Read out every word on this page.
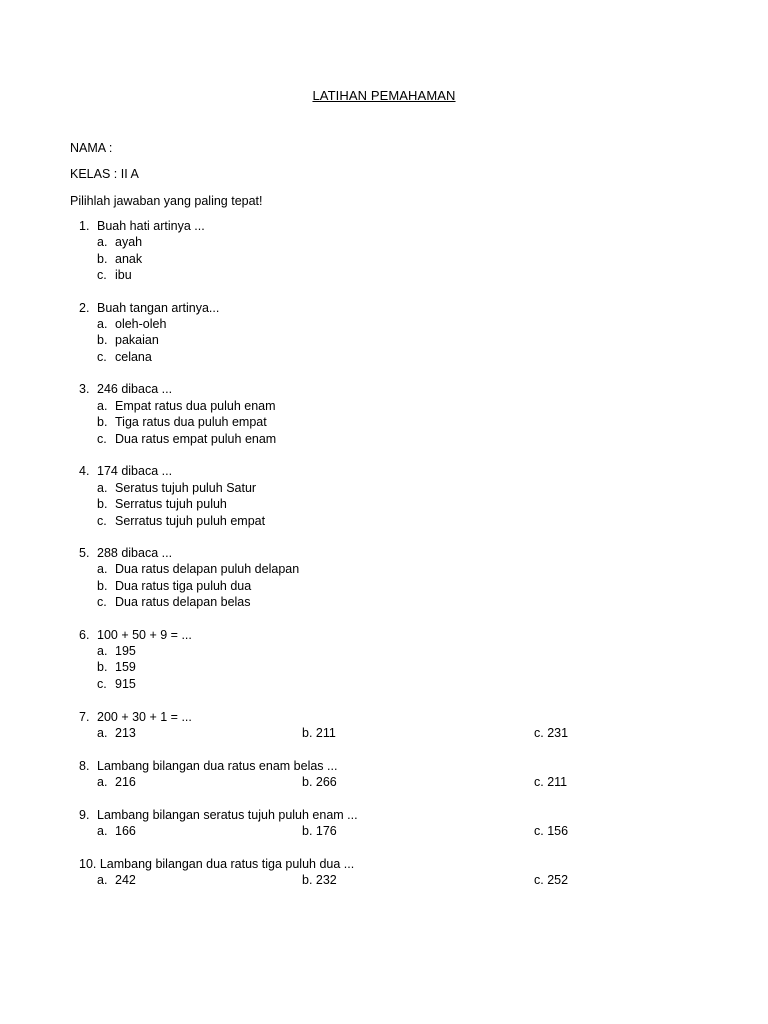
LATIHAN PEMAHAMAN
NAMA :
KELAS : II A
Pilihlah jawaban yang paling tepat!
1. Buah hati artinya ...
a. ayah
b. anak
c. ibu
2. Buah tangan artinya...
a. oleh-oleh
b. pakaian
c. celana
3. 246 dibaca ...
a. Empat ratus dua puluh enam
b. Tiga ratus dua puluh empat
c. Dua ratus empat puluh enam
4. 174 dibaca ...
a. Seratus tujuh puluh Satur
b. Serratus tujuh puluh
c. Serratus tujuh puluh empat
5. 288 dibaca ...
a. Dua ratus delapan puluh delapan
b. Dua ratus tiga puluh dua
c. Dua ratus delapan belas
6. 100 + 50 + 9 = ...
a. 195
b. 159
c. 915
7. 200 + 30 + 1 = ...
a. 213	b. 211	c. 231
8. Lambang bilangan dua ratus enam belas ...
a. 216	b. 266	c. 211
9. Lambang bilangan seratus tujuh puluh enam ...
a. 166	b. 176	c. 156
10. Lambang bilangan dua ratus tiga puluh dua ...
a. 242	b. 232	c. 252
